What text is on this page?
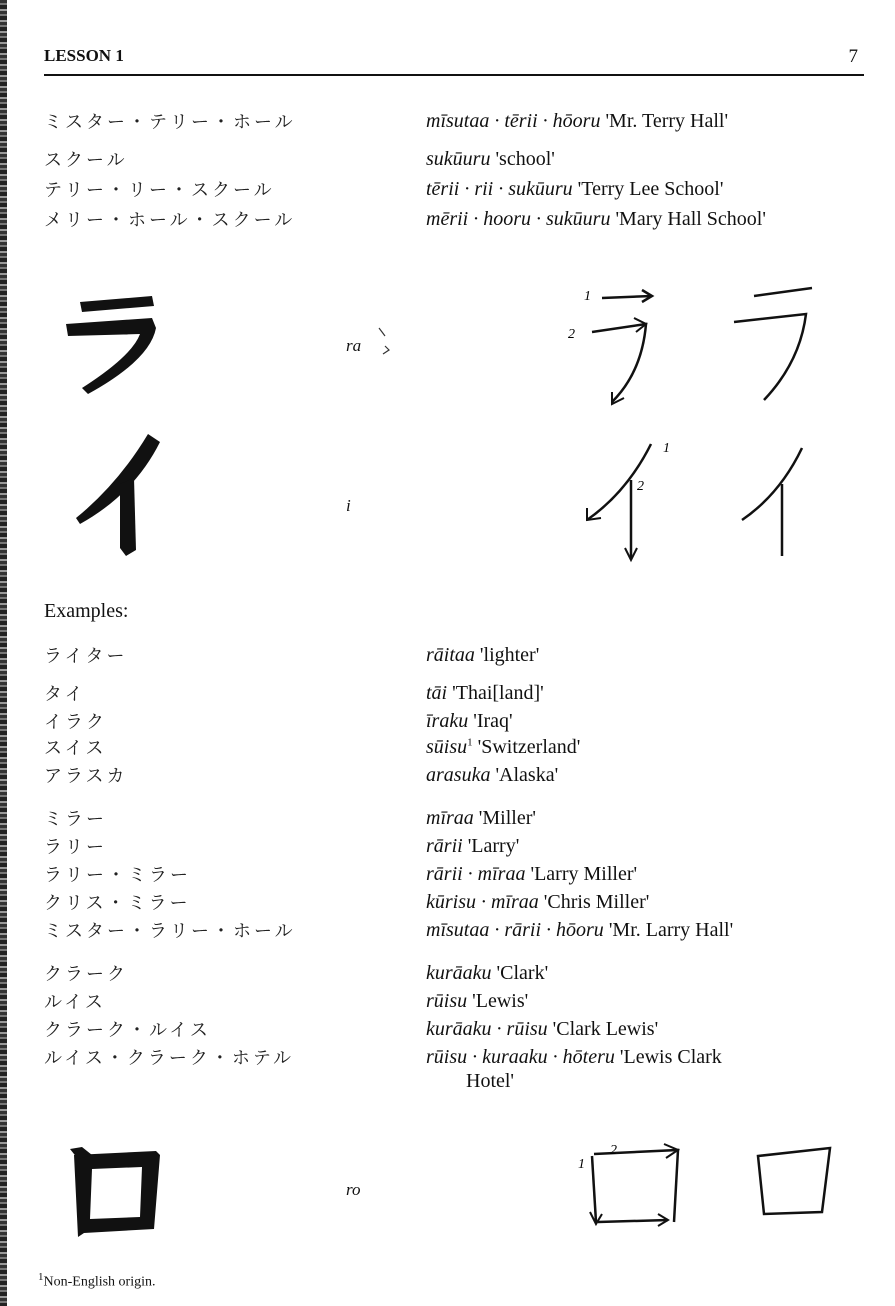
LESSON 1	7
ミスター・テリー・ホール	mīsutaa · tērii · hōoru 'Mr. Terry Hall'
スクール	sukūuru 'school'
テリー・リー・スクール	tērii · rii · sukūuru 'Terry Lee School'
メリー・ホール・スクール	mērii · hooru · sukūuru 'Mary Hall School'
ra
1
2
i
1
2
Examples:
ライター	rāitaa 'lighter'
タイ	tāi 'Thai[land]'
イラク	īraku 'Iraq'
スイス	sūisu$^1$ 'Switzerland'
アラスカ	arasuka 'Alaska'
ミラー	mīraa 'Miller'
ラリー	rārii 'Larry'
ラリー・ミラー	rārii · mīraa 'Larry Miller'
クリス・ミラー	kūrisu · mīraa 'Chris Miller'
ミスター・ラリー・ホール	mīsutaa · rārii · hōoru 'Mr. Larry Hall'
クラーク	kurāaku 'Clark'
ルイス	rūisu 'Lewis'
クラーク・ルイス	kurāaku · rūisu 'Clark Lewis'
ルイス・クラーク・ホテル	rūisu · kuraaku · hōteru 'Lewis Clark
Hotel'
ro
1
2
$^1$Non-English origin.
